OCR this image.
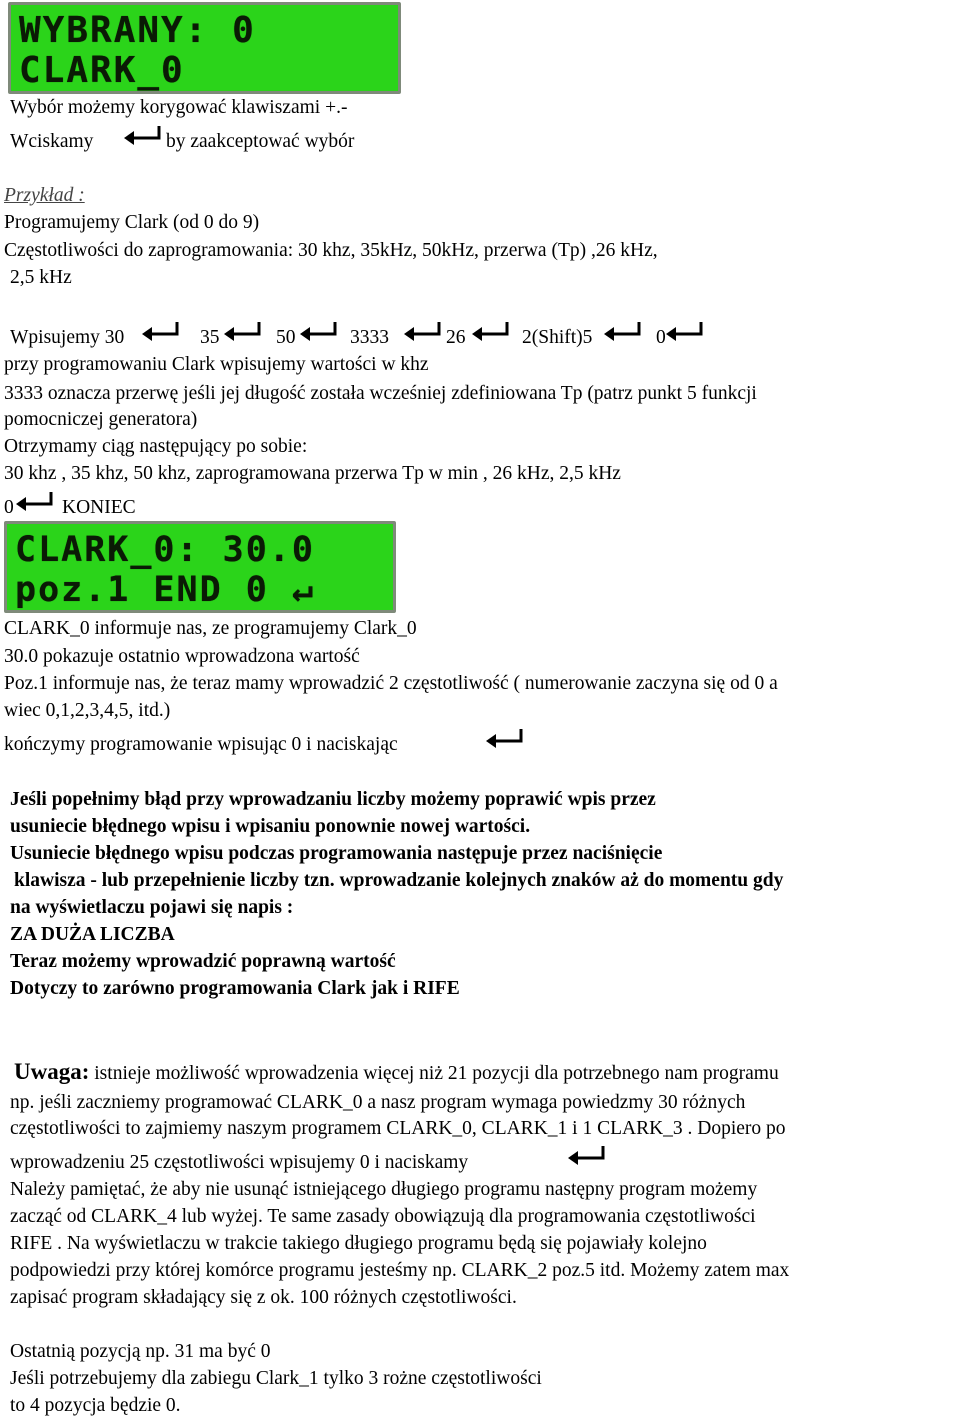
WYBRANY: 0
CLARK_0
Wybór możemy korygować klawiszami +.-
Wciskamy	by zaakceptować wybór
Przykład :
Programujemy Clark (od 0 do 9)
Częstotliwości do zaprogramowania: 30 khz, 35kHz, 50kHz, przerwa (Tp) ,26 kHz,
2,5 kHz
Wpisujemy 30	35	50	3333	26	2(Shift)5	0
przy programowaniu Clark wpisujemy wartości w khz
3333 oznacza przerwę jeśli jej długość została wcześniej zdefiniowana Tp (patrz punkt 5 funkcji
pomocniczej generatora)
Otrzymamy ciąg następujący po sobie:
30 khz , 35 khz, 50 khz, zaprogramowana przerwa Tp w min , 26 kHz, 2,5 kHz
0 KONIEC
CLARK_0: 30.0
poz.1 END 0 ↵
CLARK_0 informuje nas, ze programujemy Clark_0
30.0 pokazuje ostatnio wprowadzona wartość
Poz.1 informuje nas, że teraz mamy wprowadzić 2 częstotliwość ( numerowanie zaczyna się od 0 a
wiec 0,1,2,3,4,5, itd.)
kończymy programowanie wpisując 0 i naciskając
Jeśli popełnimy błąd przy wprowadzaniu liczby możemy poprawić wpis przez
usuniecie błędnego wpisu i wpisaniu ponownie nowej wartości.
Usuniecie błędnego wpisu podczas programowania następuje przez naciśnięcie
klawisza - lub przepełnienie liczby tzn. wprowadzanie kolejnych znaków aż do momentu gdy
na wyświetlaczu pojawi się napis :
ZA DUŻA LICZBA
Teraz możemy wprowadzić poprawną wartość
Dotyczy to zarówno programowania Clark jak i RIFE
Uwaga: istnieje możliwość wprowadzenia więcej niż 21 pozycji dla potrzebnego nam programu
np. jeśli zaczniemy programować CLARK_0 a nasz program wymaga powiedzmy 30 różnych
częstotliwości to zajmiemy naszym programem CLARK_0, CLARK_1 i 1 CLARK_3 . Dopiero po
wprowadzeniu 25 częstotliwości wpisujemy 0 i naciskamy
Należy pamiętać, że aby nie usunąć istniejącego długiego programu następny program możemy
zacząć od CLARK_4 lub wyżej. Te same zasady obowiązują dla programowania częstotliwości
RIFE . Na wyświetlaczu w trakcie takiego długiego programu będą się pojawiały kolejno
podpowiedzi przy której komórce programu jesteśmy np. CLARK_2 poz.5 itd. Możemy zatem max
zapisać program składający się z ok. 100 różnych częstotliwości.
Ostatnią pozycją np. 31 ma być 0
Jeśli potrzebujemy dla zabiegu Clark_1 tylko 3 rożne częstotliwości
to 4 pozycja będzie 0.
